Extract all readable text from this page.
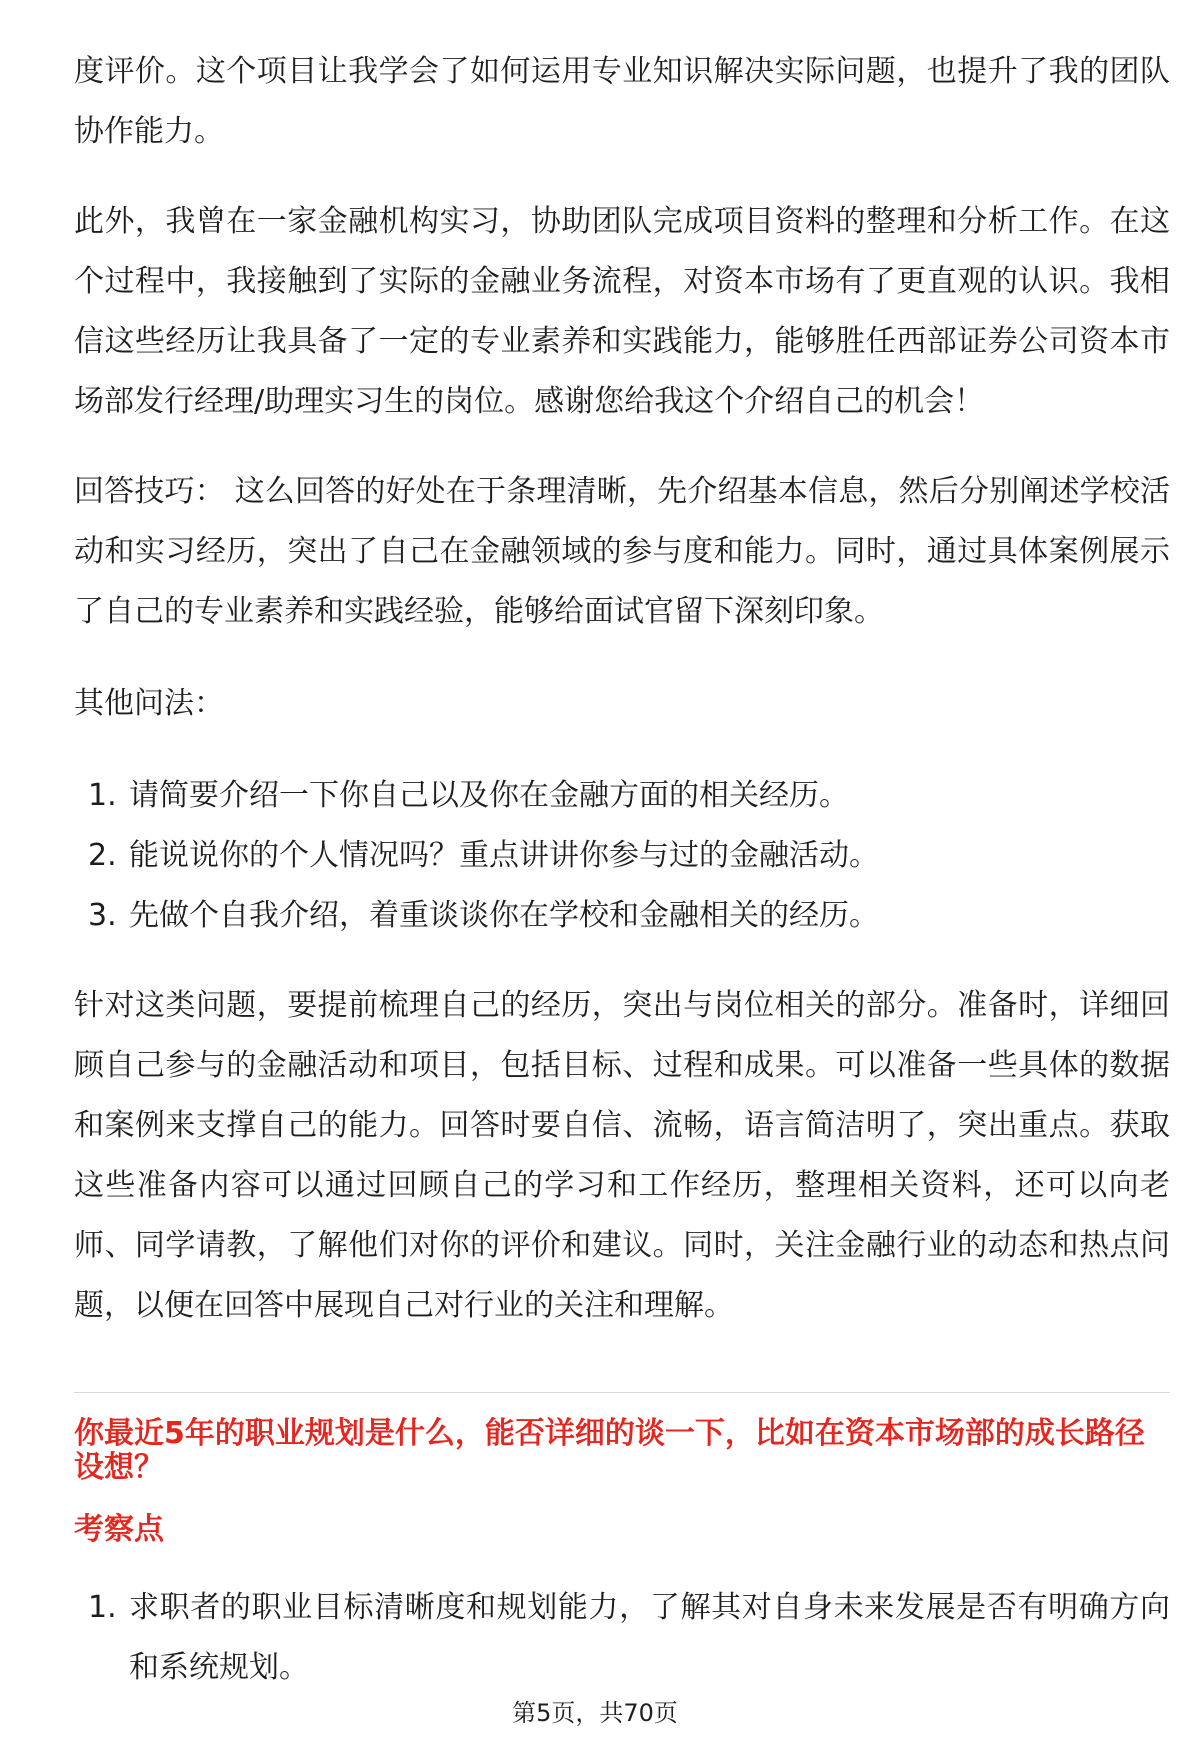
度评价。这个项目让我学会了如何运用专业知识解决实际问题，也提升了我的团队
协作能力。
此外，我曾在一家金融机构实习，协助团队完成项目资料的整理和分析工作。在这
个过程中，我接触到了实际的金融业务流程，对资本市场有了更直观的认识。我相
信这些经历让我具备了一定的专业素养和实践能力，能够胜任西部证券公司资本市
场部发行经理/助理实习生的岗位。感谢您给我这个介绍自己的机会！
回答技巧： 这么回答的好处在于条理清晰，先介绍基本信息，然后分别阐述学校活
动和实习经历，突出了自己在金融领域的参与度和能力。同时，通过具体案例展示
了自己的专业素养和实践经验，能够给面试官留下深刻印象。
其他问法：
1. 请简要介绍一下你自己以及你在金融方面的相关经历。
2. 能说说你的个人情况吗？重点讲讲你参与过的金融活动。
3. 先做个自我介绍，着重谈谈你在学校和金融相关的经历。
针对这类问题，要提前梳理自己的经历，突出与岗位相关的部分。准备时，详细回
顾自己参与的金融活动和项目，包括目标、过程和成果。可以准备一些具体的数据
和案例来支撑自己的能力。回答时要自信、流畅，语言简洁明了，突出重点。获取
这些准备内容可以通过回顾自己的学习和工作经历，整理相关资料，还可以向老
师、同学请教，了解他们对你的评价和建议。同时，关注金融行业的动态和热点问
题，以便在回答中展现自己对行业的关注和理解。
你最近5年的职业规划是什么，能否详细的谈一下，比如在资本市场部的成长路径
设想？
考察点
1. 求职者的职业目标清晰度和规划能力，了解其对自身未来发展是否有明确方向
和系统规划。
第5页，共70页
